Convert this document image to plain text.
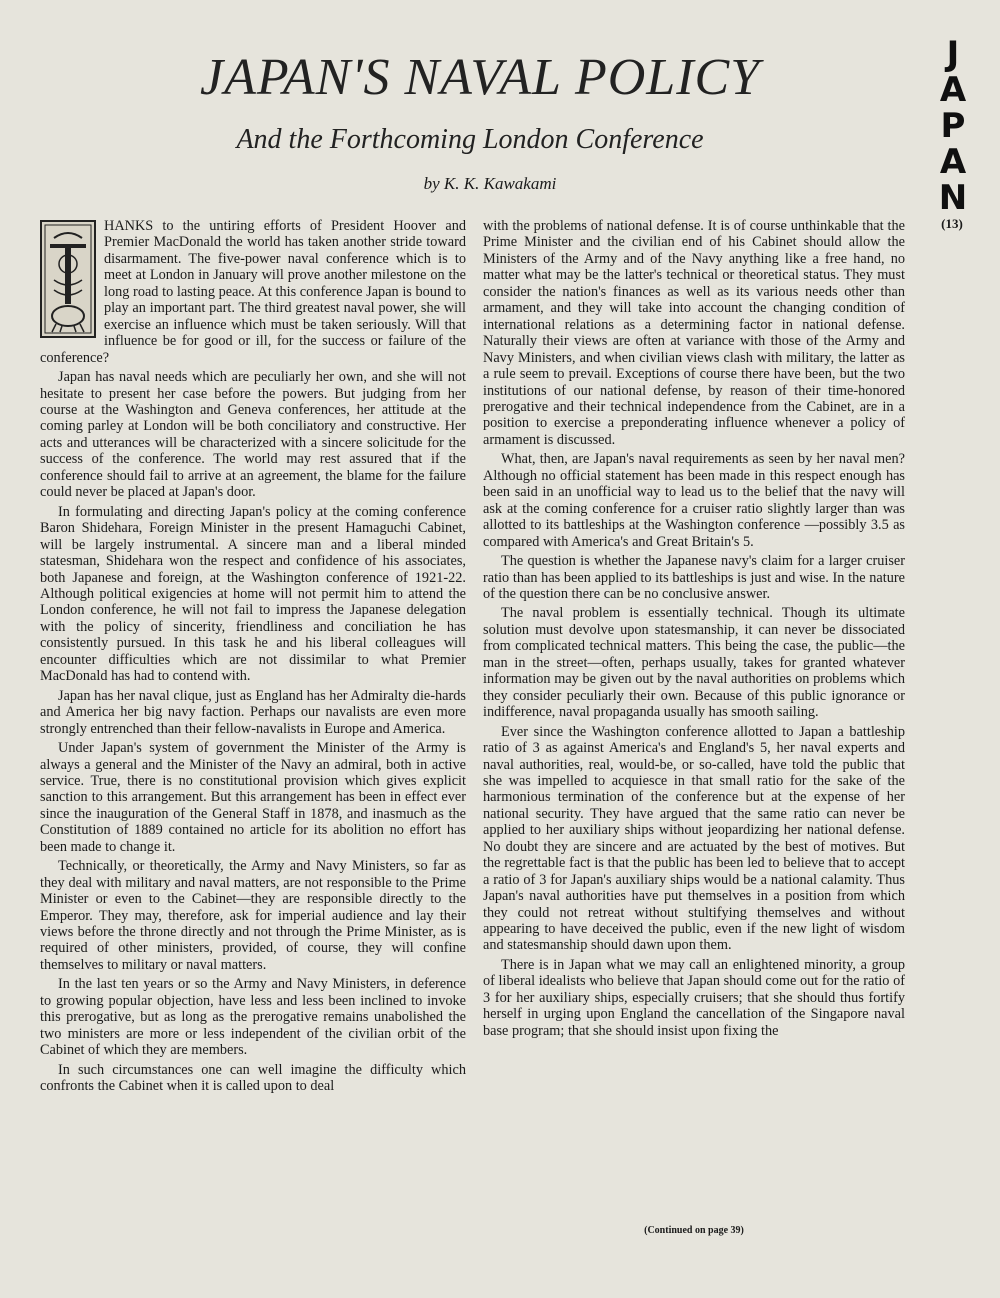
JAPAN'S NAVAL POLICY
And the Forthcoming London Conference
by K. K. Kawakami
J
A
P
A
N
(13)

HANKS to the untiring efforts of President Hoover and Premier MacDonald the world has taken another stride toward disarmament. The five-power naval conference which is to meet at London in January will prove another milestone on the long road to lasting peace. At this conference Japan is bound to play an important part. The third greatest naval power, she will exercise an influence which must be taken seriously. Will that influence be for good or ill, for the success or failure of the conference?

Japan has naval needs which are peculiarly her own, and she will not hesitate to present her case before the powers. But judging from her course at the Washington and Geneva conferences, her attitude at the coming parley at London will be both conciliatory and constructive. Her acts and utterances will be characterized with a sincere solicitude for the success of the conference. The world may rest assured that if the conference should fail to arrive at an agreement, the blame for the failure could never be placed at Japan's door.

In formulating and directing Japan's policy at the coming conference Baron Shidehara, Foreign Minister in the present Hamaguchi Cabinet, will be largely instrumental. A sincere man and a liberal minded statesman, Shidehara won the respect and confidence of his associates, both Japanese and foreign, at the Washington conference of 1921-22. Although political exigencies at home will not permit him to attend the London conference, he will not fail to impress the Japanese delegation with the policy of sincerity, friendliness and conciliation he has consistently pursued. In this task he and his liberal colleagues will encounter difficulties which are not dissimilar to what Premier MacDonald has had to contend with.

Japan has her naval clique, just as England has her Admiralty die-hards and America her big navy faction. Perhaps our navalists are even more strongly entrenched than their fellow-navalists in Europe and America.

Under Japan's system of government the Minister of the Army is always a general and the Minister of the Navy an admiral, both in active service. True, there is no constitutional provision which gives explicit sanction to this arrangement. But this arrangement has been in effect ever since the inauguration of the General Staff in 1878, and inasmuch as the Constitution of 1889 contained no article for its abolition no effort has been made to change it.

Technically, or theoretically, the Army and Navy Ministers, so far as they deal with military and naval matters, are not responsible to the Prime Minister or even to the Cabinet—they are responsible directly to the Emperor. They may, therefore, ask for imperial audience and lay their views before the throne directly and not through the Prime Minister, as is required of other ministers, provided, of course, they will confine themselves to military or naval matters.

In the last ten years or so the Army and Navy Ministers, in deference to growing popular objection, have less and less been inclined to invoke this prerogative, but as long as the prerogative remains unabolished the two ministers are more or less independent of the civilian orbit of the Cabinet of which they are members.

In such circumstances one can well imagine the difficulty which confronts the Cabinet when it is called upon to deal

with the problems of national defense. It is of course unthinkable that the Prime Minister and the civilian end of his Cabinet should allow the Ministers of the Army and of the Navy anything like a free hand, no matter what may be the latter's technical or theoretical status. They must consider the nation's finances as well as its various needs other than armament, and they will take into account the changing condition of international relations as a determining factor in national defense. Naturally their views are often at variance with those of the Army and Navy Ministers, and when civilian views clash with military, the latter as a rule seem to prevail. Exceptions of course there have been, but the two institutions of our national defense, by reason of their time-honored prerogative and their technical independence from the Cabinet, are in a position to exercise a preponderating influence whenever a policy of armament is discussed.

What, then, are Japan's naval requirements as seen by her naval men? Although no official statement has been made in this respect enough has been said in an unofficial way to lead us to the belief that the navy will ask at the coming conference for a cruiser ratio slightly larger than was allotted to its battleships at the Washington conference —possibly 3.5 as compared with America's and Great Britain's 5.

The question is whether the Japanese navy's claim for a larger cruiser ratio than has been applied to its battleships is just and wise. In the nature of the question there can be no conclusive answer.

The naval problem is essentially technical. Though its ultimate solution must devolve upon statesmanship, it can never be dissociated from complicated technical matters. This being the case, the public—the man in the street—often, perhaps usually, takes for granted whatever information may be given out by the naval authorities on problems which they consider peculiarly their own. Because of this public ignorance or indifference, naval propaganda usually has smooth sailing.

Ever since the Washington conference allotted to Japan a battleship ratio of 3 as against America's and England's 5, her naval experts and naval authorities, real, would-be, or so-called, have told the public that she was impelled to acquiesce in that small ratio for the sake of the harmonious termination of the conference but at the expense of her national security. They have argued that the same ratio can never be applied to her auxiliary ships without jeopardizing her national defense. No doubt they are sincere and are actuated by the best of motives. But the regrettable fact is that the public has been led to believe that to accept a ratio of 3 for Japan's auxiliary ships would be a national calamity. Thus Japan's naval authorities have put themselves in a position from which they could not retreat without stultifying themselves and without appearing to have deceived the public, even if the new light of wisdom and statesmanship should dawn upon them.

There is in Japan what we may call an enlightened minority, a group of liberal idealists who believe that Japan should come out for the ratio of 3 for her auxiliary ships, especially cruisers; that she should thus fortify herself in urging upon England the cancellation of the Singapore naval base program; that she should insist upon fixing the

(Continued on page 39)
